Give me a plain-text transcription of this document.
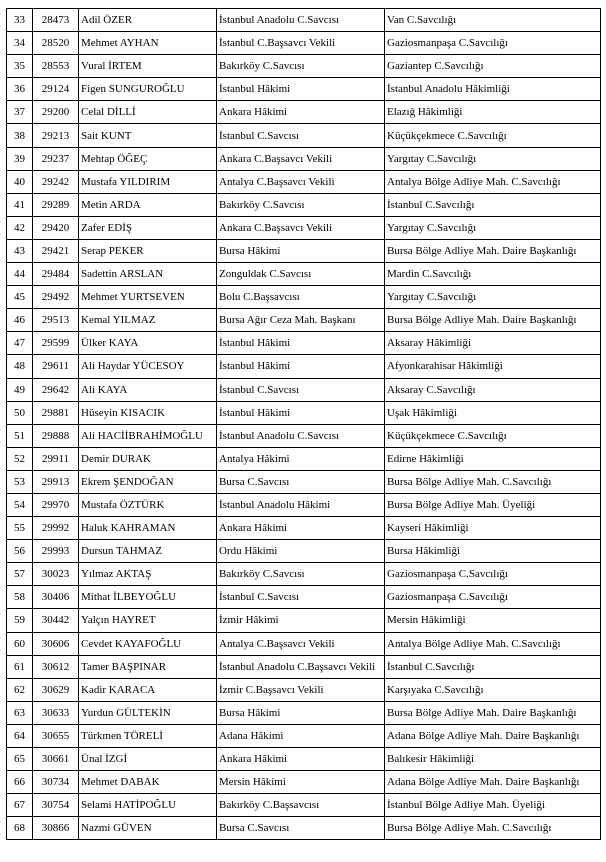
33	28473	Adil ÖZER	İstanbul Anadolu C.Savcısı	Van C.Savcılığı
34	28520	Mehmet AYHAN	İstanbul C.Başsavcı Vekili	Gaziosmanpaşa C.Savcılığı
35	28553	Vural İRTEM	Bakırköy C.Savcısı	Gaziantep C.Savcılığı
36	29124	Figen SUNGUROĞLU	İstanbul Hâkimi	İstanbul Anadolu Hâkimliği
37	29200	Celal DİLLİ	Ankara Hâkimi	Elazığ Hâkimliği
38	29213	Sait KUNT	İstanbul C.Savcısı	Küçükçekmece C.Savcılığı
39	29237	Mehtap ÖĞEÇ	Ankara C.Başsavcı Vekili	Yargıtay C.Savcılığı
40	29242	Mustafa YILDIRIM	Antalya C.Başsavcı Vekili	Antalya Bölge Adliye Mah. C.Savcılığı
41	29289	Metin ARDA	Bakırköy C.Savcısı	İstanbul C.Savcılığı
42	29420	Zafer EDİŞ	Ankara C.Başsavcı Vekili	Yargıtay C.Savcılığı
43	29421	Serap PEKER	Bursa Hâkimi	Bursa Bölge Adliye Mah. Daire Başkanlığı
44	29484	Sadettin ARSLAN	Zonguldak C.Savcısı	Mardin C.Savcılığı
45	29492	Mehmet YURTSEVEN	Bolu C.Başsavcısı	Yargıtay C.Savcılığı
46	29513	Kemal YILMAZ	Bursa Ağır Ceza Mah. Başkanı	Bursa Bölge Adliye Mah. Daire Başkanlığı
47	29599	Ülker KAYA	İstanbul Hâkimi	Aksaray Hâkimliği
48	29611	Ali Haydar YÜCESOY	İstanbul Hâkimi	Afyonkarahisar Hâkimliği
49	29642	Ali KAYA	İstanbul C.Savcısı	Aksaray C.Savcılığı
50	29881	Hüseyin KISACIK	İstanbul Hâkimi	Uşak Hâkimliği
51	29888	Ali HACİİBRAHİMOĞLU	İstanbul Anadolu C.Savcısı	Küçükçekmece C.Savcılığı
52	29911	Demir DURAK	Antalya Hâkimi	Edirne Hâkimliği
53	29913	Ekrem ŞENDOĞAN	Bursa C.Savcısı	Bursa Bölge Adliye Mah. C.Savcılığı
54	29970	Mustafa ÖZTÜRK	İstanbul Anadolu Hâkimi	Bursa Bölge Adliye Mah. Üyeliği
55	29992	Haluk KAHRAMAN	Ankara Hâkimi	Kayseri Hâkimliği
56	29993	Dursun TAHMAZ	Ordu Hâkimi	Bursa Hâkimliği
57	30023	Yılmaz AKTAŞ	Bakırköy C.Savcısı	Gaziosmanpaşa C.Savcılığı
58	30406	Mithat İLBEYOĞLU	İstanbul C.Savcısı	Gaziosmanpaşa C.Savcılığı
59	30442	Yalçın HAYRET	İzmir Hâkimi	Mersin Hâkimliği
60	30606	Cevdet KAYAFOĞLU	Antalya C.Başsavcı Vekili	Antalya Bölge Adliye Mah. C.Savcılığı
61	30612	Tamer BAŞPINAR	İstanbul Anadolu C.Başsavcı Vekili	İstanbul C.Savcılığı
62	30629	Kadir KARACA	İzmir C.Başsavcı Vekili	Karşıyaka C.Savcılığı
63	30633	Yurdun GÜLTEKİN	Bursa Hâkimi	Bursa Bölge Adliye Mah. Daire Başkanlığı
64	30655	Türkmen TÖRELİ	Adana Hâkimi	Adana Bölge Adliye Mah. Daire Başkanlığı
65	30661	Ünal İZGİ	Ankara Hâkimi	Balıkesir Hâkimliği
66	30734	Mehmet DABAK	Mersin Hâkimi	Adana Bölge Adliye Mah. Daire Başkanlığı
67	30754	Selami HATİPOĞLU	Bakırköy C.Başsavcısı	İstanbul Bölge Adliye Mah. Üyeliği
68	30866	Nazmi GÜVEN	Bursa C.Savcısı	Bursa Bölge Adliye Mah. C.Savcılığı
